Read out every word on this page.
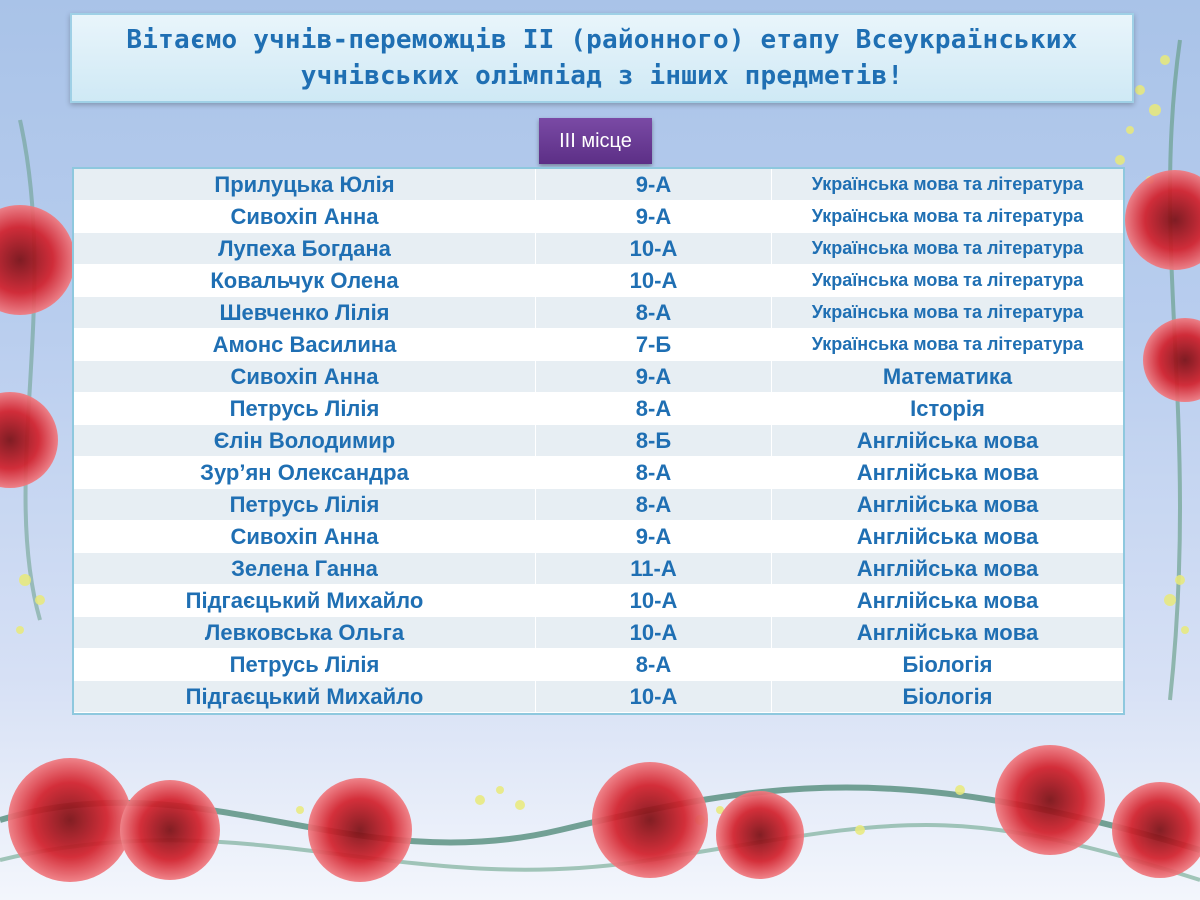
Вітаємо учнів-переможців ІІ (районного) етапу Всеукраїнських учнівських олімпіад з інших предметів!
ІІІ місце
Прилуцька Юлія	9-А	Українська мова та література
Сивохіп Анна	9-А	Українська мова та література
Лупеха Богдана	10-А	Українська мова та література
Ковальчук Олена	10-А	Українська мова та література
Шевченко Лілія	8-А	Українська мова та література
Амонс Василина	7-Б	Українська мова та література
Сивохіп Анна	9-А	Математика
Петрусь Лілія	8-А	Історія
Єлін Володимир	8-Б	Англійська мова
Зур’ян Олександра	8-А	Англійська мова
Петрусь Лілія	8-А	Англійська мова
Сивохіп Анна	9-А	Англійська мова
Зелена Ганна	11-А	Англійська мова
Підгаєцький Михайло	10-А	Англійська мова
Левковська Ольга	10-А	Англійська мова
Петрусь Лілія	8-А	Біологія
Підгаєцький Михайло	10-А	Біологія
